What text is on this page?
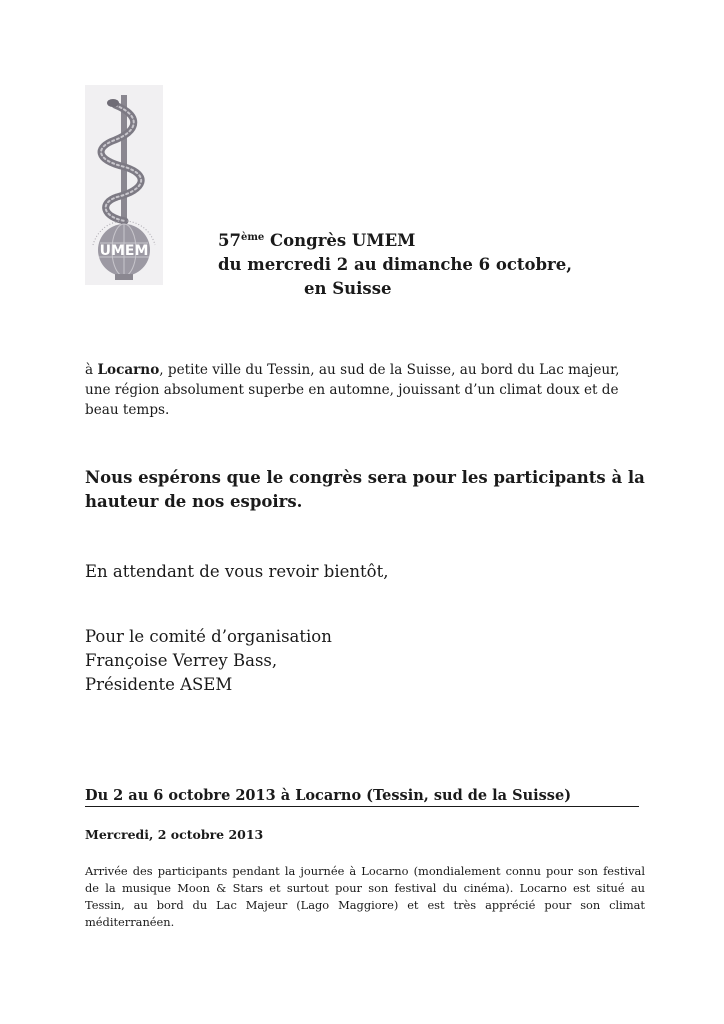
UMEM
57ème Congrès UMEM
du mercredi 2 au dimanche 6 octobre,
en Suisse
à Locarno, petite ville du Tessin, au sud de la Suisse, au bord du Lac majeur, une région absolument superbe en automne, jouissant d’un climat doux et de beau temps.
Nous espérons que le congrès sera pour les participants à la hauteur de nos espoirs.
En attendant de vous revoir bientôt,
Pour le comité d’organisation
Françoise Verrey Bass,
Présidente ASEM
Du 2 au 6 octobre 2013 à Locarno (Tessin, sud de la Suisse)
Mercredi, 2 octobre 2013
Arrivée des participants pendant la journée à Locarno (mondialement connu pour son festival de la musique Moon & Stars et surtout pour son festival du cinéma). Locarno est situé au Tessin, au bord du Lac Majeur (Lago Maggiore) et est très apprécié pour son climat méditerranéen.
